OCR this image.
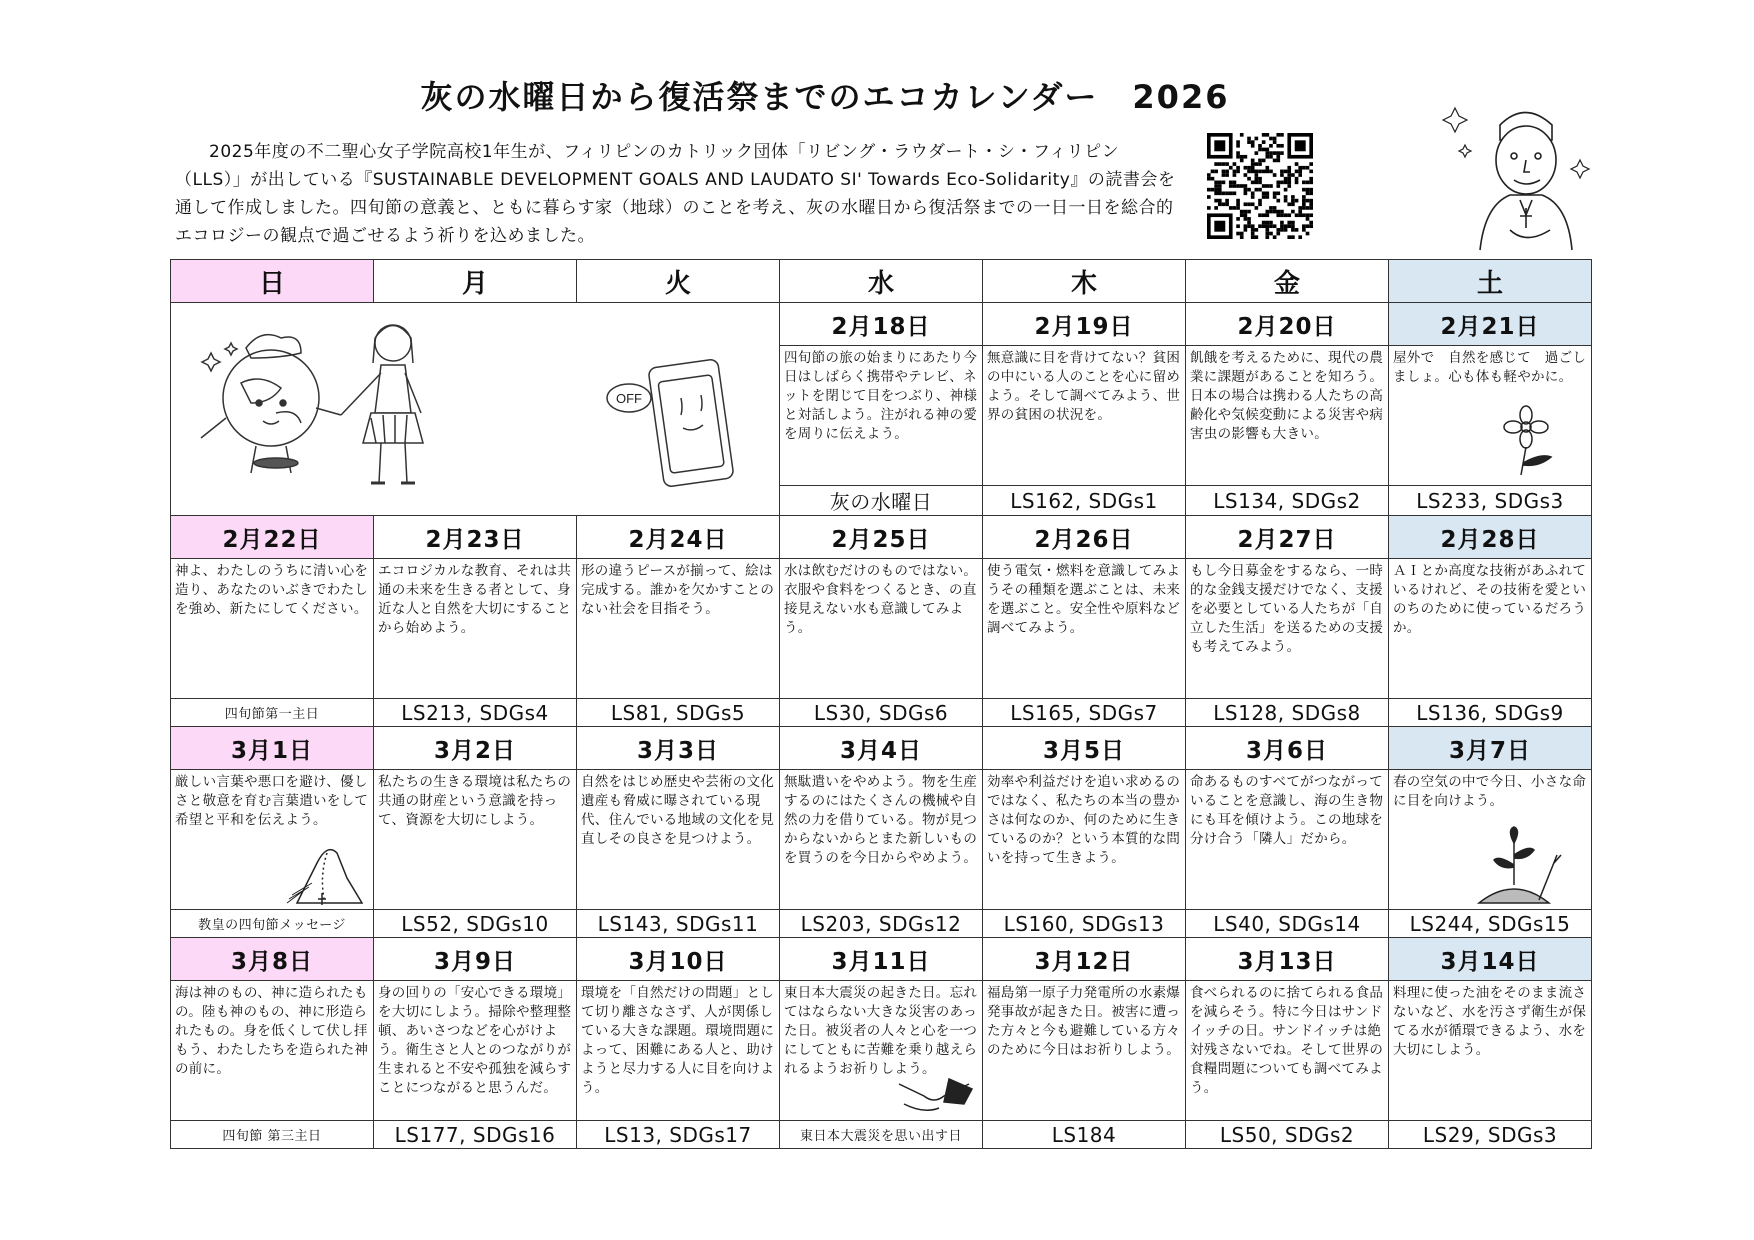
灰の水曜日から復活祭までのエコカレンダー　2026
2025年度の不二聖心女子学院高校1年生が、フィリピンのカトリック団体「リビング・ラウダート・シ・フィリピン（LLS）」が出している『SUSTAINABLE DEVELOPMENT GOALS AND LAUDATO SI' Towards Eco-Solidarity』の読書会を通して作成しました。四旬節の意義と、ともに暮らす家（地球）のことを考え、灰の水曜日から復活祭までの一日一日を総合的エコロジーの観点で過ごせるよう祈りを込めました。
日	月	火	水	木	金	土

OFF			2月18日	2月19日	2月20日	2月21日
			四旬節の旅の始まりにあたり今日はしばらく携帯やテレビ、ネットを閉じて目をつぶり、神様と対話しよう。注がれる神の愛を周りに伝えよう。	無意識に目を背けてない？貧困の中にいる人のことを心に留めよう。そして調べてみよう、世界の貧困の状況を。	飢餓を考えるために、現代の農業に課題があることを知ろう。日本の場合は携わる人たちの高齢化や気候変動による災害や病害虫の影響も大きい。	屋外で　自然を感じて　過ごしましょ。心も体も軽やかに。

			灰の水曜日	LS162, SDGs1	LS134, SDGs2	LS233, SDGs3
2月22日	2月23日	2月24日	2月25日	2月26日	2月27日	2月28日
神よ、わたしのうちに清い心を造り、あなたのいぶきでわたしを強め、新たにしてください。	エコロジカルな教育、それは共通の未来を生きる者として、身近な人と自然を大切にすることから始めよう。	形の違うピースが揃って、絵は完成する。誰かを欠かすことのない社会を目指そう。	水は飲むだけのものではない。衣服や食料をつくるとき、の直接見えない水も意識してみよう。	使う電気・燃料を意識してみようその種類を選ぶことは、未来を選ぶこと。安全性や原料など調べてみよう。	もし今日募金をするなら、一時的な金銭支援だけでなく、支援を必要としている人たちが「自立した生活」を送るための支援も考えてみよう。	ＡＩとか高度な技術があふれているけれど、その技術を愛といのちのために使っているだろうか。
四旬節第一主日	LS213, SDGs4	LS81, SDGs5	LS30, SDGs6	LS165, SDGs7	LS128, SDGs8	LS136, SDGs9
3月1日	3月2日	3月3日	3月4日	3月5日	3月6日	3月7日
厳しい言葉や悪口を避け、優しさと敬意を育む言葉遣いをして希望と平和を伝えよう。	私たちの生きる環境は私たちの共通の財産という意識を持って、資源を大切にしよう。	自然をはじめ歴史や芸術の文化遺産も脅威に曝されている現代、住んでいる地域の文化を見直しその良さを見つけよう。	無駄遣いをやめよう。物を生産するのにはたくさんの機械や自然の力を借りている。物が見つからないからとまた新しいものを買うのを今日からやめよう。	効率や利益だけを追い求めるのではなく、私たちの本当の豊かさは何なのか、何のために生きているのか？という本質的な問いを持って生きよう。	命あるものすべてがつながっていることを意識し、海の生き物にも耳を傾けよう。この地球を分け合う「隣人」だから。	春の空気の中で今日、小さな命に目を向けよう。

教皇の四旬節メッセージ	LS52, SDGs10	LS143, SDGs11	LS203, SDGs12	LS160, SDGs13	LS40, SDGs14	LS244, SDGs15
3月8日	3月9日	3月10日	3月11日	3月12日	3月13日	3月14日
海は神のもの、神に造られたもの。陸も神のもの、神に形造られたもの。身を低くして伏し拝もう、わたしたちを造られた神の前に。	身の回りの「安心できる環境」を大切にしよう。掃除や整理整頓、あいさつなどを心がけよう。衛生さと人とのつながりが生まれると不安や孤独を減らすことにつながると思うんだ。	環境を「自然だけの問題」として切り離さなさず、人が関係している大きな課題。環境問題によって、困難にある人と、助けようと尽力する人に目を向けよう。	東日本大震災の起きた日。忘れてはならない大きな災害のあった日。被災者の人々と心を一つにしてともに苦難を乗り越えられるようお祈りしよう。	福島第一原子力発電所の水素爆発事故が起きた日。被害に遭った方々と今も避難している方々のために今日はお祈りしよう。	食べられるのに捨てられる食品を減らそう。特に今日はサンドイッチの日。サンドイッチは絶対残さないでね。そして世界の食糧問題についても調べてみよう。	料理に使った油をそのまま流さないなど、水を汚さず衛生が保てる水が循環できるよう、水を大切にしよう。
四旬節 第三主日	LS177, SDGs16	LS13, SDGs17	東日本大震災を思い出す日	LS184	LS50, SDGs2	LS29, SDGs3
